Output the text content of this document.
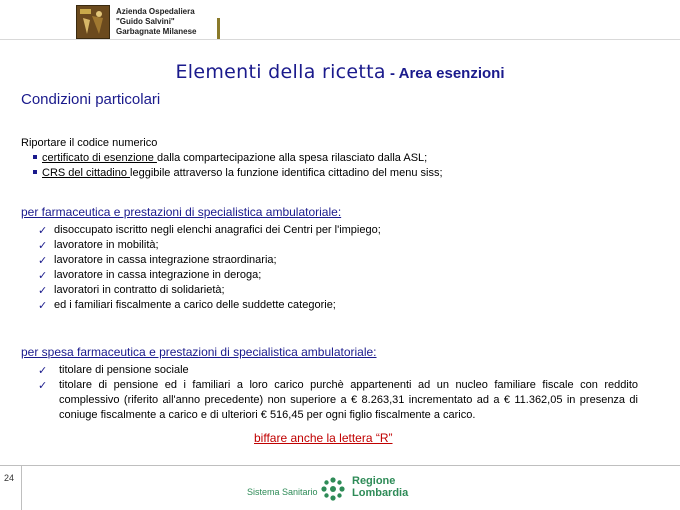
Azienda Ospedaliera
"Guido Salvini"
Garbagnate Milanese
Elementi della ricetta - Area esenzioni
Condizioni particolari
Riportare il codice numerico
certificato di esenzione dalla compartecipazione alla spesa rilasciato dalla ASL;
CRS del cittadino leggibile attraverso la funzione identifica cittadino del menu siss;
per farmaceutica e prestazioni di specialistica ambulatoriale:
✓ disoccupato iscritto negli elenchi anagrafici dei Centri per l'impiego;
✓ lavoratore in mobilità;
✓ lavoratore in cassa integrazione straordinaria;
✓ lavoratore in cassa integrazione in deroga;
✓ lavoratori in contratto di solidarietà;
✓ ed i familiari fiscalmente a carico delle suddette categorie;
per spesa farmaceutica e prestazioni di specialistica ambulatoriale:
✓ titolare di pensione sociale
✓ titolare di pensione ed i familiari a loro carico purchè appartenenti ad un nucleo familiare fiscale con reddito complessivo (riferito all'anno precedente) non superiore a € 8.263,31 incrementato ad a € 11.362,05 in presenza di coniuge fiscalmente a carico e di ulteriori € 516,45 per ogni figlio fiscalmente a carico.
biffare anche la lettera “R”
24
Sistema Sanitario
Regione
Lombardia
